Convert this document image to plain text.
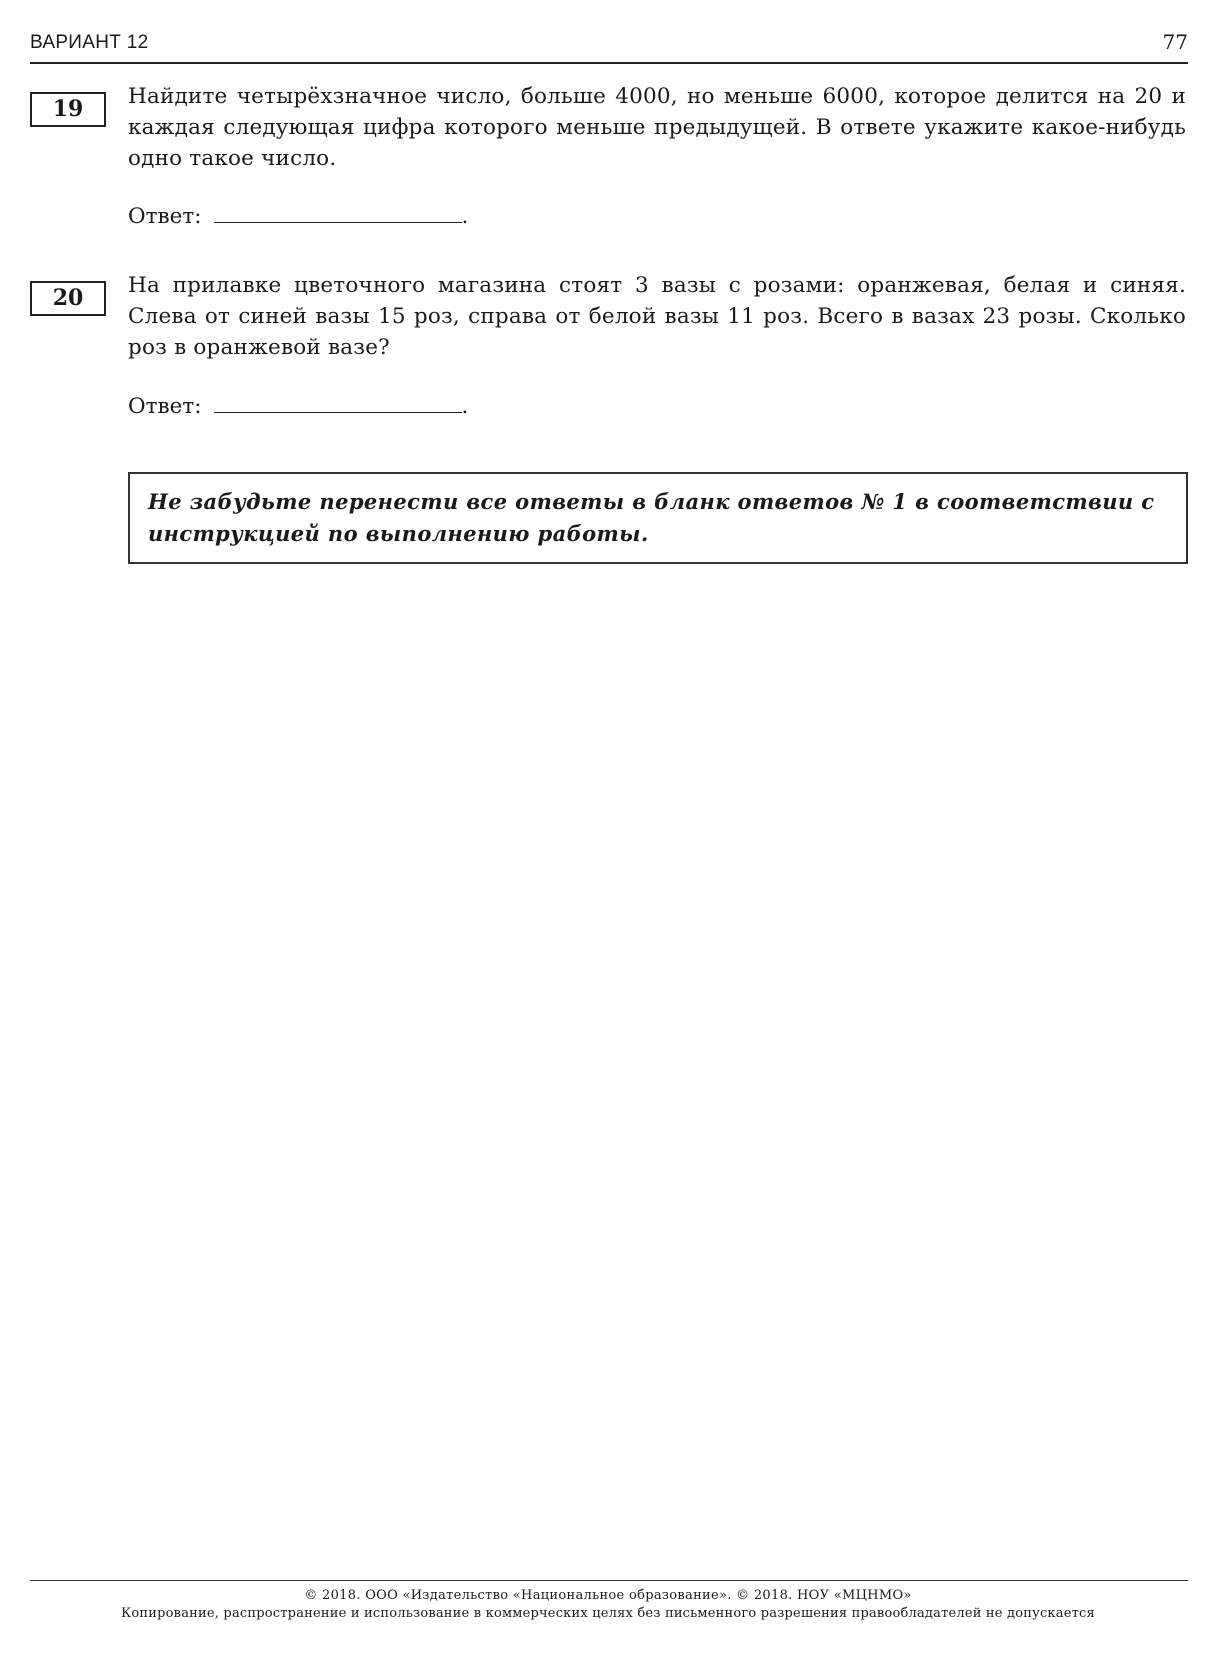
ВАРИАНТ 12	77
19	Найдите четырёхзначное число, больше 4000, но меньше 6000, которое делится на 20 и каждая следующая цифра которого меньше предыдущей. В ответе укажите какое-нибудь одно такое число.
Ответ:	.
20	На прилавке цветочного магазина стоят 3 вазы с розами: оранжевая, белая и синяя. Слева от синей вазы 15 роз, справа от белой вазы 11 роз. Всего в вазах 23 розы. Сколько роз в оранжевой вазе?
Ответ:	.
Не забудьте перенести все ответы в бланк ответов № 1 в соответствии с инструкцией по выполнению работы.
© 2018. ООО «Издательство «Национальное образование». © 2018. НОУ «МЦНМО»
Копирование, распространение и использование в коммерческих целях без письменного разрешения правообладателей не допускается
